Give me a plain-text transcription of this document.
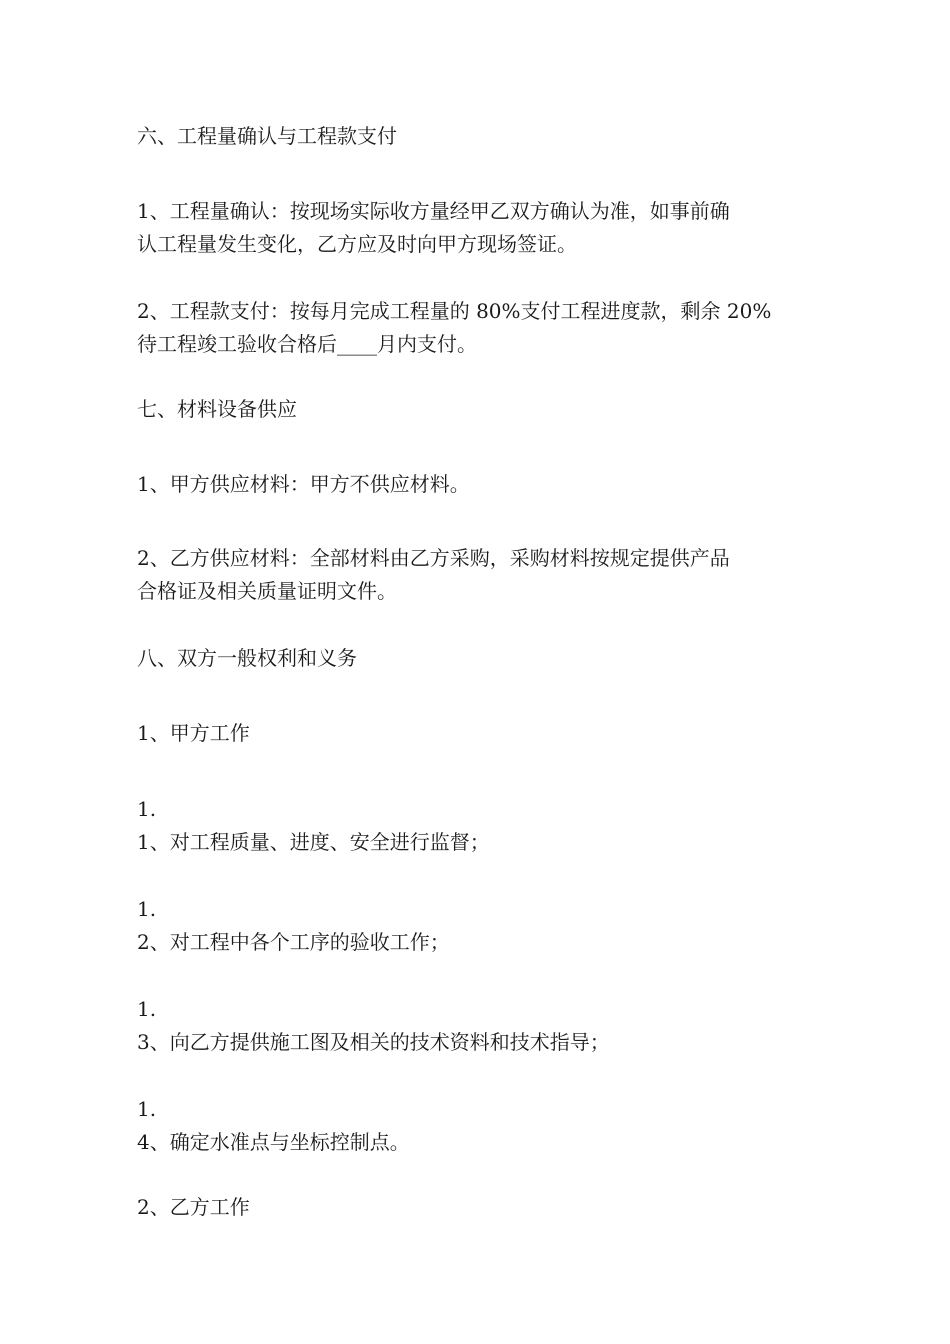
六、工程量确认与工程款支付
1、工程量确认：按现场实际收方量经甲乙双方确认为准，如事前确
认工程量发生变化，乙方应及时向甲方现场签证。
2、工程款支付：按每月完成工程量的 80%支付工程进度款，剩余 20%
待工程竣工验收合格后____月内支付。
七、材料设备供应
1、甲方供应材料：甲方不供应材料。
2、乙方供应材料：全部材料由乙方采购，采购材料按规定提供产品
合格证及相关质量证明文件。
八、双方一般权利和义务
1、甲方工作
1.
1、对工程质量、进度、安全进行监督；
1.
2、对工程中各个工序的验收工作；
1.
3、向乙方提供施工图及相关的技术资料和技术指导；
1.
4、确定水准点与坐标控制点。
2、乙方工作
